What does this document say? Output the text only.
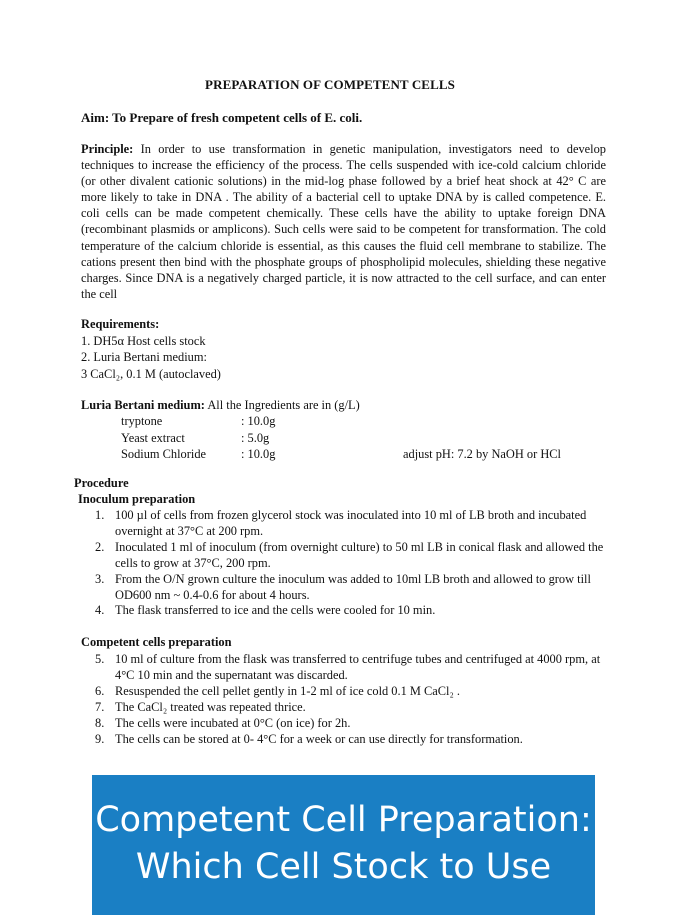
PREPARATION OF COMPETENT CELLS
Aim: To Prepare of fresh competent cells of E. coli.
Principle: In order to use transformation in genetic manipulation, investigators need to develop techniques to increase the efficiency of the process. The cells suspended with ice-cold calcium chloride (or other divalent cationic solutions) in the mid-log phase followed by a brief heat shock at 42° C are more likely to take in DNA . The ability of a bacterial cell to uptake DNA by is called competence. E. coli cells can be made competent chemically. These cells have the ability to uptake foreign DNA (recombinant plasmids or amplicons). Such cells were said to be competent for transformation. The cold temperature of the calcium chloride is essential, as this causes the fluid cell membrane to stabilize. The cations present then bind with the phosphate groups of phospholipid molecules, shielding these negative charges. Since DNA is a negatively charged particle, it is now attracted to the cell surface, and can enter the cell
Requirements:
1. DH5α Host cells stock
2. Luria Bertani medium:
3 CaCl₂, 0.1 M (autoclaved)
Luria Bertani medium: All the Ingredients are in (g/L)
tryptone	: 10.0g
Yeast extract	: 5.0g
Sodium Chloride	: 10.0g	adjust pH: 7.2 by NaOH or HCl
Procedure
Inoculum preparation
1. 100 µl of cells from frozen glycerol stock was inoculated into 10 ml of LB broth and incubated overnight at 37°C at 200 rpm.
2. Inoculated 1 ml of inoculum (from overnight culture) to 50 ml LB in conical flask and allowed the cells to grow at 37°C, 200 rpm.
3. From the O/N grown culture the inoculum was added to 10ml LB broth and allowed to grow till OD600 nm ~ 0.4-0.6 for about 4 hours.
4. The flask transferred to ice and the cells were cooled for 10 min.
Competent cells preparation
5. 10 ml of culture from the flask was transferred to centrifuge tubes and centrifuged at 4000 rpm, at 4°C 10 min and the supernatant was discarded.
6. Resuspended the cell pellet gently in 1-2 ml of ice cold 0.1 M CaCl₂ .
7. The CaCl₂ treated was repeated thrice.
8. The cells were incubated at 0°C (on ice) for 2h.
9. The cells can be stored at 0- 4°C for a week or can use directly for transformation.
Competent Cell Preparation: Which Cell Stock to Use
